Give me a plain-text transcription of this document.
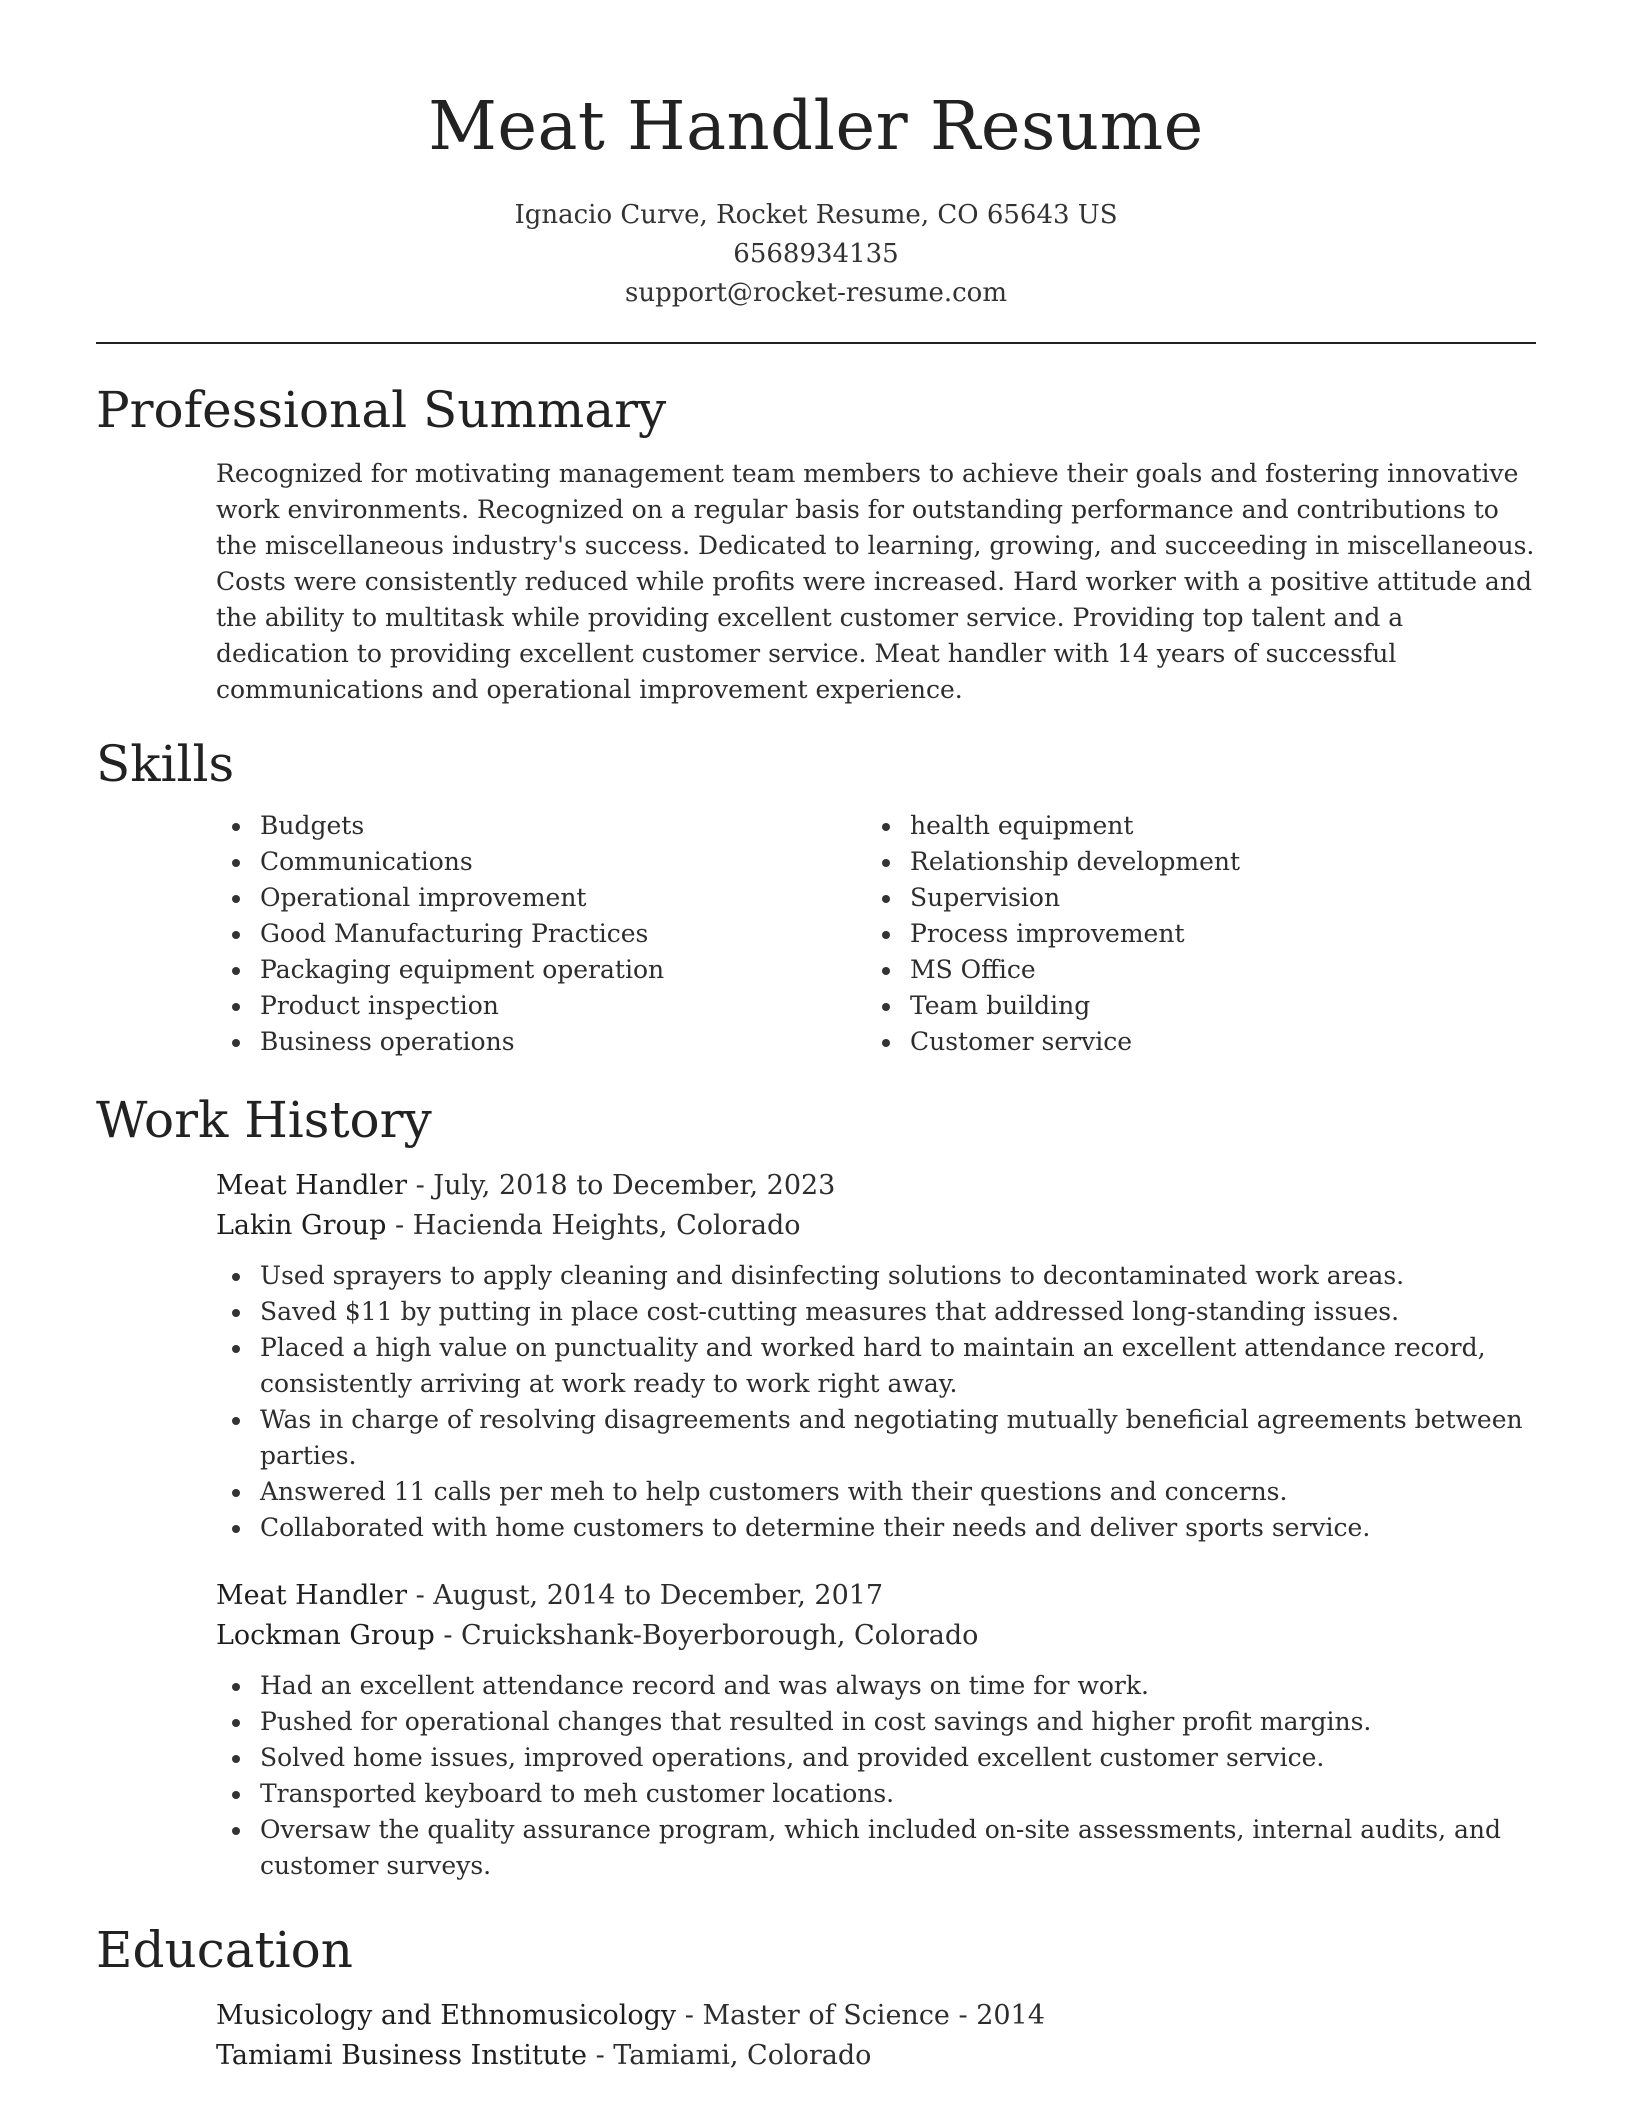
Meat Handler Resume
Ignacio Curve, Rocket Resume, CO 65643 US
6568934135
support@rocket-resume.com
Professional Summary

Recognized for motivating management team members to achieve their goals and fostering innovative work environments. Recognized on a regular basis for outstanding performance and contributions to the miscellaneous industry's success. Dedicated to learning, growing, and succeeding in miscellaneous. Costs were consistently reduced while profits were increased. Hard worker with a positive attitude and the ability to multitask while providing excellent customer service. Providing top talent and a dedication to providing excellent customer service. Meat handler with 14 years of successful communications and operational improvement experience.

Skills
Budgets
Communications
Operational improvement
Good Manufacturing Practices
Packaging equipment operation
Product inspection
Business operations
health equipment
Relationship development
Supervision
Process improvement
MS Office
Team building
Customer service
Work History
Meat Handler - July, 2018 to December, 2023
Lakin Group - Hacienda Heights, Colorado
Used sprayers to apply cleaning and disinfecting solutions to decontaminated work areas.
Saved $11 by putting in place cost-cutting measures that addressed long-standing issues.
Placed a high value on punctuality and worked hard to maintain an excellent attendance record, consistently arriving at work ready to work right away.
Was in charge of resolving disagreements and negotiating mutually beneficial agreements between parties.
Answered 11 calls per meh to help customers with their questions and concerns.
Collaborated with home customers to determine their needs and deliver sports service.
Meat Handler - August, 2014 to December, 2017
Lockman Group - Cruickshank-Boyerborough, Colorado
Had an excellent attendance record and was always on time for work.
Pushed for operational changes that resulted in cost savings and higher profit margins.
Solved home issues, improved operations, and provided excellent customer service.
Transported keyboard to meh customer locations.
Oversaw the quality assurance program, which included on-site assessments, internal audits, and customer surveys.
Education
Musicology and Ethnomusicology - Master of Science - 2014
Tamiami Business Institute - Tamiami, Colorado
